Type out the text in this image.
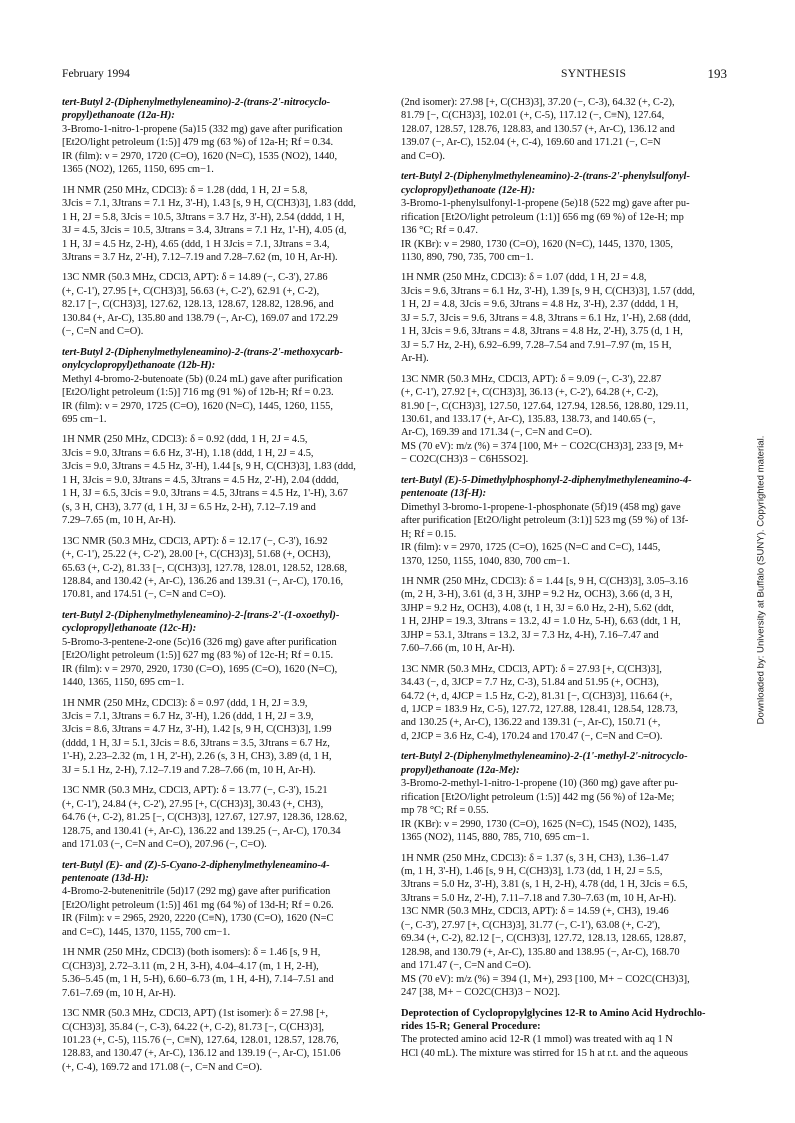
February 1994	SYNTHESIS	193
tert-Butyl 2-(Diphenylmethyleneamino)-2-(trans-2'-nitrocyclo-
propyl)ethanoate (12a-H):
3-Bromo-1-nitro-1-propene (5a)15 (332 mg) gave after purification
[Et2O/light petroleum (1:5)] 479 mg (63 %) of 12a-H; Rf = 0.34.
IR (film): ν = 2970, 1720 (C=O), 1620 (N=C), 1535 (NO2), 1440,
1365 (NO2), 1265, 1150, 695 cm−1.
1H NMR (250 MHz, CDCl3): δ = 1.28 (ddd, 1 H, 2J = 5.8,
3Jcis = 7.1, 3Jtrans = 7.1 Hz, 3'-H), 1.43 [s, 9 H, C(CH3)3], 1.83 (ddd,
1 H, 2J = 5.8, 3Jcis = 10.5, 3Jtrans = 3.7 Hz, 3'-H), 2.54 (dddd, 1 H,
3J = 4.5, 3Jcis = 10.5, 3Jtrans = 3.4, 3Jtrans = 7.1 Hz, 1'-H), 4.05 (d,
1 H, 3J = 4.5 Hz, 2-H), 4.65 (ddd, 1 H 3Jcis = 7.1, 3Jtrans = 3.4,
3Jtrans = 3.7 Hz, 2'-H), 7.12–7.19 and 7.28–7.62 (m, 10 H, Ar-H).
13C NMR (50.3 MHz, CDCl3, APT): δ = 14.89 (−, C-3'), 27.86
(+, C-1'), 27.95 [+, C(CH3)3], 56.63 (+, C-2'), 62.91 (+, C-2),
82.17 [−, C(CH3)3], 127.62, 128.13, 128.67, 128.82, 128.96, and
130.84 (+, Ar-C), 135.80 and 138.79 (−, Ar-C), 169.07 and 172.29
(−, C=N and C=O).
tert-Butyl 2-(Diphenylmethyleneamino)-2-(trans-2'-methoxycarb-
onylcyclopropyl)ethanoate (12b-H):
Methyl 4-bromo-2-butenoate (5b) (0.24 mL) gave after purification
[Et2O/light petroleum (1:5)] 716 mg (91 %) of 12b-H; Rf = 0.23.
IR (film): ν = 2970, 1725 (C=O), 1620 (N=C), 1445, 1260, 1155,
695 cm−1.
1H NMR (250 MHz, CDCl3): δ = 0.92 (ddd, 1 H, 2J = 4.5,
3Jcis = 9.0, 3Jtrans = 6.6 Hz, 3'-H), 1.18 (ddd, 1 H, 2J = 4.5,
3Jcis = 9.0, 3Jtrans = 4.5 Hz, 3'-H), 1.44 [s, 9 H, C(CH3)3], 1.83 (ddd,
1 H, 3Jcis = 9.0, 3Jtrans = 4.5, 3Jtrans = 4.5 Hz, 2'-H), 2.04 (dddd,
1 H, 3J = 6.5, 3Jcis = 9.0, 3Jtrans = 4.5, 3Jtrans = 4.5 Hz, 1'-H), 3.67
(s, 3 H, CH3), 3.77 (d, 1 H, 3J = 6.5 Hz, 2-H), 7.12–7.19 and
7.29–7.65 (m, 10 H, Ar-H).
13C NMR (50.3 MHz, CDCl3, APT): δ = 12.17 (−, C-3'), 16.92
(+, C-1'), 25.22 (+, C-2'), 28.00 [+, C(CH3)3], 51.68 (+, OCH3),
65.63 (+, C-2), 81.33 [−, C(CH3)3], 127.78, 128.01, 128.52, 128.68,
128.84, and 130.42 (+, Ar-C), 136.26 and 139.31 (−, Ar-C), 170.16,
170.81, and 174.51 (−, C=N and C=O).
tert-Butyl 2-(Diphenylmethyleneamino)-2-[trans-2'-(1-oxoethyl)-
cyclopropyl]ethanoate (12c-H):
5-Bromo-3-pentene-2-one (5c)16 (326 mg) gave after purification
[Et2O/light petroleum (1:5)] 627 mg (83 %) of 12c-H; Rf = 0.15.
IR (film): ν = 2970, 2920, 1730 (C=O), 1695 (C=O), 1620 (N=C),
1440, 1365, 1150, 695 cm−1.
1H NMR (250 MHz, CDCl3): δ = 0.97 (ddd, 1 H, 2J = 3.9,
3Jcis = 7.1, 3Jtrans = 6.7 Hz, 3'-H), 1.26 (ddd, 1 H, 2J = 3.9,
3Jcis = 8.6, 3Jtrans = 4.7 Hz, 3'-H), 1.42 [s, 9 H, C(CH3)3], 1.99
(dddd, 1 H, 3J = 5.1, 3Jcis = 8.6, 3Jtrans = 3.5, 3Jtrans = 6.7 Hz,
1'-H), 2.23–2.32 (m, 1 H, 2'-H), 2.26 (s, 3 H, CH3), 3.89 (d, 1 H,
3J = 5.1 Hz, 2-H), 7.12–7.19 and 7.28–7.66 (m, 10 H, Ar-H).
13C NMR (50.3 MHz, CDCl3, APT): δ = 13.77 (−, C-3'), 15.21
(+, C-1'), 24.84 (+, C-2'), 27.95 [+, C(CH3)3], 30.43 (+, CH3),
64.76 (+, C-2), 81.25 [−, C(CH3)3], 127.67, 127.97, 128.36, 128.62,
128.75, and 130.41 (+, Ar-C), 136.22 and 139.25 (−, Ar-C), 170.34
and 171.03 (−, C=N and C=O), 207.96 (−, C=O).
tert-Butyl (E)- and (Z)-5-Cyano-2-diphenylmethyleneamino-4-
pentenoate (13d-H):
4-Bromo-2-butenenitrile (5d)17 (292 mg) gave after purification
[Et2O/light petroleum (1:5)] 461 mg (64 %) of 13d-H; Rf = 0.26.
IR (Film): ν = 2965, 2920, 2220 (C≡N), 1730 (C=O), 1620 (N=C
and C=C), 1445, 1370, 1155, 700 cm−1.
1H NMR (250 MHz, CDCl3) (both isomers): δ = 1.46 [s, 9 H,
C(CH3)3], 2.72–3.11 (m, 2 H, 3-H), 4.04–4.17 (m, 1 H, 2-H),
5.36–5.45 (m, 1 H, 5-H), 6.60–6.73 (m, 1 H, 4-H), 7.14–7.51 and
7.61–7.69 (m, 10 H, Ar-H).
13C NMR (50.3 MHz, CDCl3, APT) (1st isomer): δ = 27.98 [+,
C(CH3)3], 35.84 (−, C-3), 64.22 (+, C-2), 81.73 [−, C(CH3)3],
101.23 (+, C-5), 115.76 (−, C≡N), 127.64, 128.01, 128.57, 128.76,
128.83, and 130.47 (+, Ar-C), 136.12 and 139.19 (−, Ar-C), 151.06
(+, C-4), 169.72 and 171.08 (−, C=N and C=O).
(2nd isomer): 27.98 [+, C(CH3)3], 37.20 (−, C-3), 64.32 (+, C-2),
81.79 [−, C(CH3)3], 102.01 (+, C-5), 117.12 (−, C≡N), 127.64,
128.07, 128.57, 128.76, 128.83, and 130.57 (+, Ar-C), 136.12 and
139.07 (−, Ar-C), 152.04 (+, C-4), 169.60 and 171.21 (−, C=N
and C=O).
tert-Butyl 2-(Diphenylmethyleneamino)-2-(trans-2'-phenylsulfonyl-
cyclopropyl)ethanoate (12e-H):
3-Bromo-1-phenylsulfonyl-1-propene (5e)18 (522 mg) gave after pu-
rification [Et2O/light petroleum (1:1)] 656 mg (69 %) of 12e-H; mp
136 °C; Rf = 0.47.
IR (KBr): ν = 2980, 1730 (C=O), 1620 (N=C), 1445, 1370, 1305,
1130, 890, 790, 735, 700 cm−1.
1H NMR (250 MHz, CDCl3): δ = 1.07 (ddd, 1 H, 2J = 4.8,
3Jcis = 9.6, 3Jtrans = 6.1 Hz, 3'-H), 1.39 [s, 9 H, C(CH3)3], 1.57 (ddd,
1 H, 2J = 4.8, 3Jcis = 9.6, 3Jtrans = 4.8 Hz, 3'-H), 2.37 (dddd, 1 H,
3J = 5.7, 3Jcis = 9.6, 3Jtrans = 4.8, 3Jtrans = 6.1 Hz, 1'-H), 2.68 (ddd,
1 H, 3Jcis = 9.6, 3Jtrans = 4.8, 3Jtrans = 4.8 Hz, 2'-H), 3.75 (d, 1 H,
3J = 5.7 Hz, 2-H), 6.92–6.99, 7.28–7.54 and 7.91–7.97 (m, 15 H,
Ar-H).
13C NMR (50.3 MHz, CDCl3, APT): δ = 9.09 (−, C-3'), 22.87
(+, C-1'), 27.92 [+, C(CH3)3], 36.13 (+, C-2'), 64.28 (+, C-2),
81.90 [−, C(CH3)3], 127.50, 127.64, 127.94, 128.56, 128.80, 129.11,
130.61, and 133.17 (+, Ar-C), 135.83, 138.73, and 140.65 (−,
Ar-C), 169.39 and 171.34 (−, C=N and C=O).
MS (70 eV): m/z (%) = 374 [100, M+ − CO2C(CH3)3], 233 [9, M+
− CO2C(CH3)3 − C6H5SO2].
tert-Butyl (E)-5-Dimethylphosphonyl-2-diphenylmethyleneamino-4-
pentenoate (13f-H):
Dimethyl 3-bromo-1-propene-1-phosphonate (5f)19 (458 mg) gave
after purification [Et2O/light petroleum (3:1)] 523 mg (59 %) of 13f-
H; Rf = 0.15.
IR (film): ν = 2970, 1725 (C=O), 1625 (N=C and C=C), 1445,
1370, 1250, 1155, 1040, 830, 700 cm−1.
1H NMR (250 MHz, CDCl3): δ = 1.44 [s, 9 H, C(CH3)3], 3.05–3.16
(m, 2 H, 3-H), 3.61 (d, 3 H, 3JHP = 9.2 Hz, OCH3), 3.66 (d, 3 H,
3JHP = 9.2 Hz, OCH3), 4.08 (t, 1 H, 3J = 6.0 Hz, 2-H), 5.62 (ddt,
1 H, 2JHP = 19.3, 3Jtrans = 13.2, 4J = 1.0 Hz, 5-H), 6.63 (ddt, 1 H,
3JHP = 53.1, 3Jtrans = 13.2, 3J = 7.3 Hz, 4-H), 7.16–7.47 and
7.60–7.66 (m, 10 H, Ar-H).
13C NMR (50.3 MHz, CDCl3, APT): δ = 27.93 [+, C(CH3)3],
34.43 (−, d, 3JCP = 7.7 Hz, C-3), 51.84 and 51.95 (+, OCH3),
64.72 (+, d, 4JCP = 1.5 Hz, C-2), 81.31 [−, C(CH3)3], 116.64 (+,
d, 1JCP = 183.9 Hz, C-5), 127.72, 127.88, 128.41, 128.54, 128.73,
and 130.25 (+, Ar-C), 136.22 and 139.31 (−, Ar-C), 150.71 (+,
d, 2JCP = 3.6 Hz, C-4), 170.24 and 170.47 (−, C=N and C=O).
tert-Butyl 2-(Diphenylmethyleneamino)-2-(1'-methyl-2'-nitrocyclo-
propyl)ethanoate (12a-Me):
3-Bromo-2-methyl-1-nitro-1-propene (10) (360 mg) gave after pu-
rification [Et2O/light petroleum (1:5)] 442 mg (56 %) of 12a-Me;
mp 78 °C; Rf = 0.55.
IR (KBr): ν = 2990, 1730 (C=O), 1625 (N=C), 1545 (NO2), 1435,
1365 (NO2), 1145, 880, 785, 710, 695 cm−1.
1H NMR (250 MHz, CDCl3): δ = 1.37 (s, 3 H, CH3), 1.36–1.47
(m, 1 H, 3'-H), 1.46 [s, 9 H, C(CH3)3], 1.73 (dd, 1 H, 2J = 5.5,
3Jtrans = 5.0 Hz, 3'-H), 3.81 (s, 1 H, 2-H), 4.78 (dd, 1 H, 3Jcis = 6.5,
3Jtrans = 5.0 Hz, 2'-H), 7.11–7.18 and 7.30–7.63 (m, 10 H, Ar-H).
13C NMR (50.3 MHz, CDCl3, APT): δ = 14.59 (+, CH3), 19.46
(−, C-3'), 27.97 [+, C(CH3)3], 31.77 (−, C-1'), 63.08 (+, C-2'),
69.34 (+, C-2), 82.12 [−, C(CH3)3], 127.72, 128.13, 128.65, 128.87,
128.98, and 130.79 (+, Ar-C), 135.80 and 138.95 (−, Ar-C), 168.70
and 171.47 (−, C=N and C=O).
MS (70 eV): m/z (%) = 394 (1, M+), 293 [100, M+ − CO2C(CH3)3],
247 [38, M+ − CO2C(CH3)3 − NO2].
Deprotection of Cyclopropylglycines 12-R to Amino Acid Hydrochlo-
rides 15-R; General Procedure:
The protected amino acid 12-R (1 mmol) was treated with aq 1 N
HCl (40 mL). The mixture was stirred for 15 h at r.t. and the aqueous
Downloaded by: University at Buffalo (SUNY). Copyrighted material.
